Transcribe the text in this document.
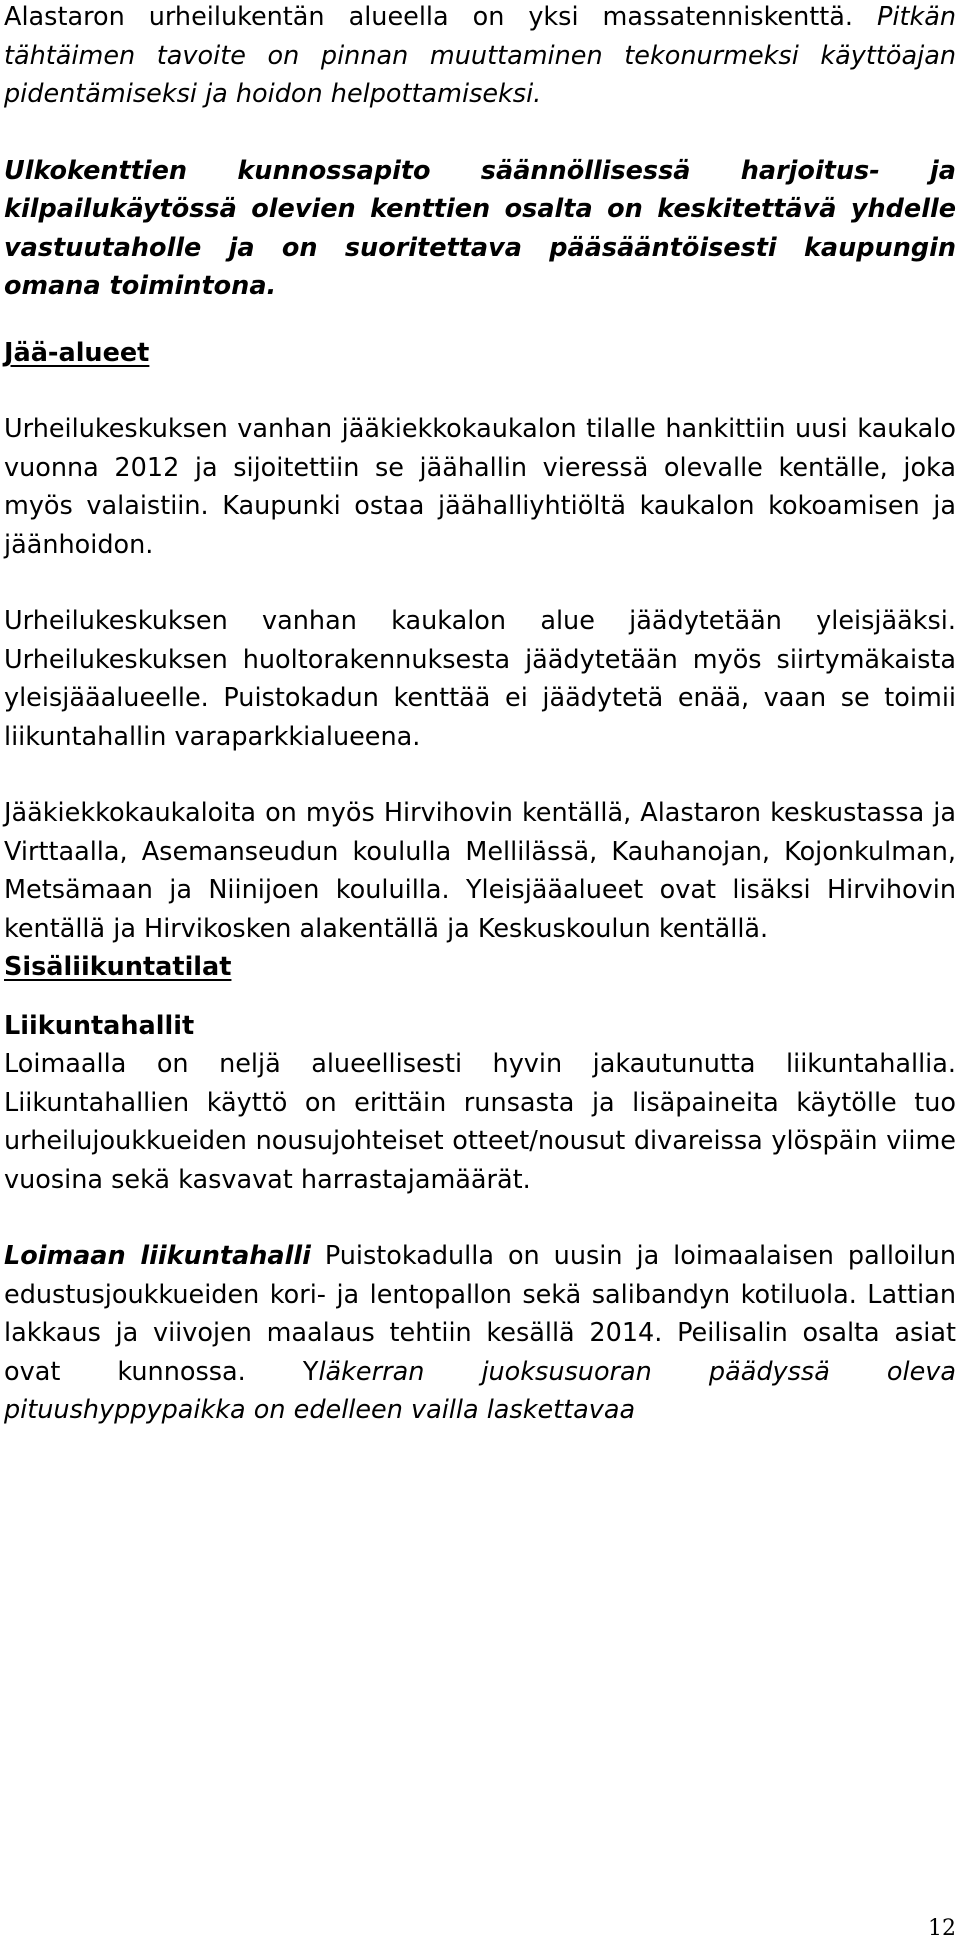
Alastaron urheilukentän alueella on yksi massatenniskenttä. Pitkän tähtäimen tavoite on pinnan muuttaminen tekonurmeksi käyttöajan pidentämiseksi ja hoidon helpottamiseksi.

Ulkokenttien kunnossapito säännöllisessä harjoitus- ja kilpailukäytössä olevien kenttien osalta on keskitettävä yhdelle vastuutaholle ja on suoritettava pääsääntöisesti kaupungin omana toimintona.

Jää-alueet

Urheilukeskuksen vanhan jääkiekkokaukalon tilalle hankittiin uusi kaukalo vuonna 2012 ja sijoitettiin se jäähallin vieressä olevalle kentälle, joka myös valaistiin. Kaupunki ostaa jäähalliyhtiöltä kaukalon kokoamisen ja jäänhoidon.

Urheilukeskuksen vanhan kaukalon alue jäädytetään yleisjääksi. Urheilukeskuksen huoltorakennuksesta jäädytetään myös siirtymäkaista yleisjääalueelle. Puistokadun kenttää ei jäädytetä enää, vaan se toimii liikuntahallin varaparkkialueena.

Jääkiekkokaukaloita on myös Hirvihovin kentällä, Alastaron keskustassa ja Virttaalla, Asemanseudun koululla Mellilässä, Kauhanojan, Kojonkulman, Metsämaan ja Niinijoen kouluilla. Yleisjääalueet ovat lisäksi Hirvihovin kentällä ja Hirvikosken alakentällä ja Keskuskoulun kentällä.

Sisäliikuntatilat
Liikuntahallit

Loimaalla on neljä alueellisesti hyvin jakautunutta liikuntahallia. Liikuntahallien käyttö on erittäin runsasta ja lisäpaineita käytölle tuo urheilujoukkueiden nousujohteiset otteet/nousut divareissa ylöspäin viime vuosina sekä kasvavat harrastajamäärät.

Loimaan liikuntahalli Puistokadulla on uusin ja loimaalaisen palloilun edustusjoukkueiden kori- ja lentopallon sekä salibandyn kotiluola. Lattian lakkaus ja viivojen maalaus tehtiin kesällä 2014. Peilisalin osalta asiat ovat kunnossa. Yläkerran juoksusuoran päädyssä oleva pituushyppypaikka on edelleen vailla laskettavaa

12
